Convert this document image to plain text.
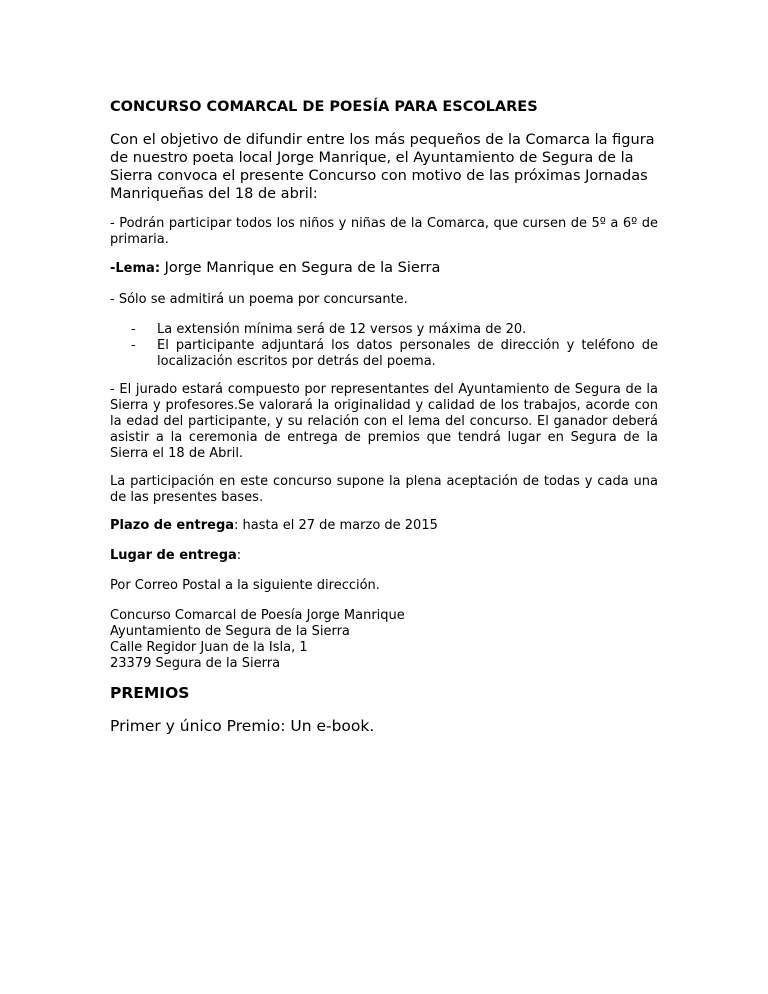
CONCURSO COMARCAL DE POESÍA PARA ESCOLARES
Con el objetivo de difundir entre los más pequeños de la Comarca la figura de nuestro poeta local Jorge Manrique, el Ayuntamiento de Segura de la Sierra convoca el presente Concurso con motivo de las próximas Jornadas Manriqueñas del 18 de abril:
- Podrán participar todos los niños y niñas de la Comarca, que cursen de 5º a 6º de primaria.
-Lema: Jorge Manrique en Segura de la Sierra
- Sólo se admitirá un poema por concursante.
- La extensión mínima será de 12 versos y máxima de 20.
- El participante adjuntará los datos personales de dirección y teléfono de localización escritos por detrás del poema.
- El jurado estará compuesto por representantes del Ayuntamiento de Segura de la Sierra y profesores.Se valorará la originalidad y calidad de los trabajos, acorde con la edad del participante, y su relación con el lema del concurso. El ganador deberá asistir a la ceremonia de entrega de premios que tendrá lugar en Segura de la Sierra el 18 de Abril.
La participación en este concurso supone la plena aceptación de todas y cada una de las presentes bases.
Plazo de entrega: hasta el 27 de marzo de 2015
Lugar de entrega:
Por Correo Postal a la siguiente dirección.
Concurso Comarcal de Poesía Jorge Manrique
Ayuntamiento de Segura de la Sierra
Calle Regidor Juan de la Isla, 1
23379 Segura de la Sierra
PREMIOS
Primer y único Premio: Un e-book.
